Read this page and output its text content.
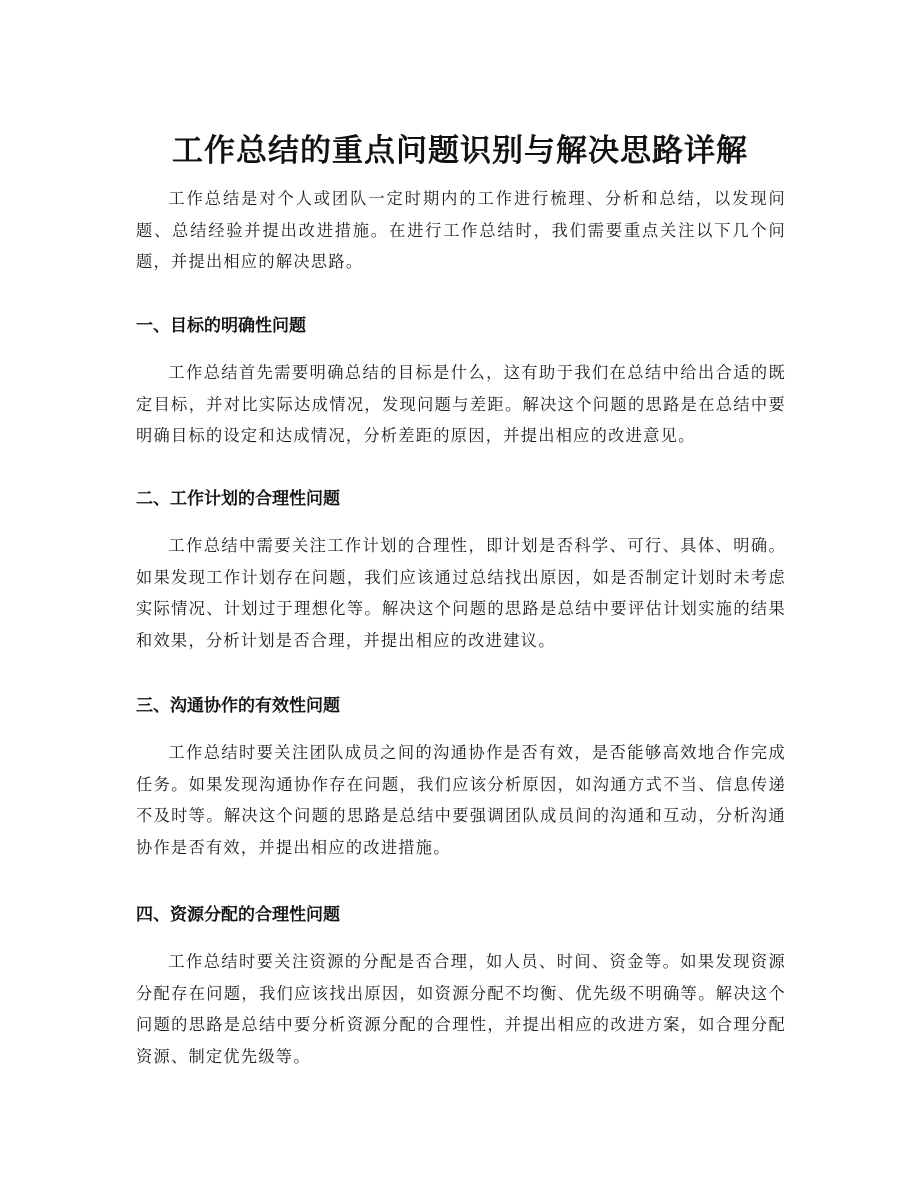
工作总结的重点问题识别与解决思路详解

工作总结是对个人或团队一定时期内的工作进行梳理、分析和总结，以发现问题、总结经验并提出改进措施。在进行工作总结时，我们需要重点关注以下几个问题，并提出相应的解决思路。

一、目标的明确性问题

工作总结首先需要明确总结的目标是什么，这有助于我们在总结中给出合适的既定目标，并对比实际达成情况，发现问题与差距。解决这个问题的思路是在总结中要明确目标的设定和达成情况，分析差距的原因，并提出相应的改进意见。

二、工作计划的合理性问题

工作总结中需要关注工作计划的合理性，即计划是否科学、可行、具体、明确。如果发现工作计划存在问题，我们应该通过总结找出原因，如是否制定计划时未考虑实际情况、计划过于理想化等。解决这个问题的思路是总结中要评估计划实施的结果和效果，分析计划是否合理，并提出相应的改进建议。

三、沟通协作的有效性问题

工作总结时要关注团队成员之间的沟通协作是否有效，是否能够高效地合作完成任务。如果发现沟通协作存在问题，我们应该分析原因，如沟通方式不当、信息传递不及时等。解决这个问题的思路是总结中要强调团队成员间的沟通和互动，分析沟通协作是否有效，并提出相应的改进措施。

四、资源分配的合理性问题

工作总结时要关注资源的分配是否合理，如人员、时间、资金等。如果发现资源分配存在问题，我们应该找出原因，如资源分配不均衡、优先级不明确等。解决这个问题的思路是总结中要分析资源分配的合理性，并提出相应的改进方案，如合理分配资源、制定优先级等。
